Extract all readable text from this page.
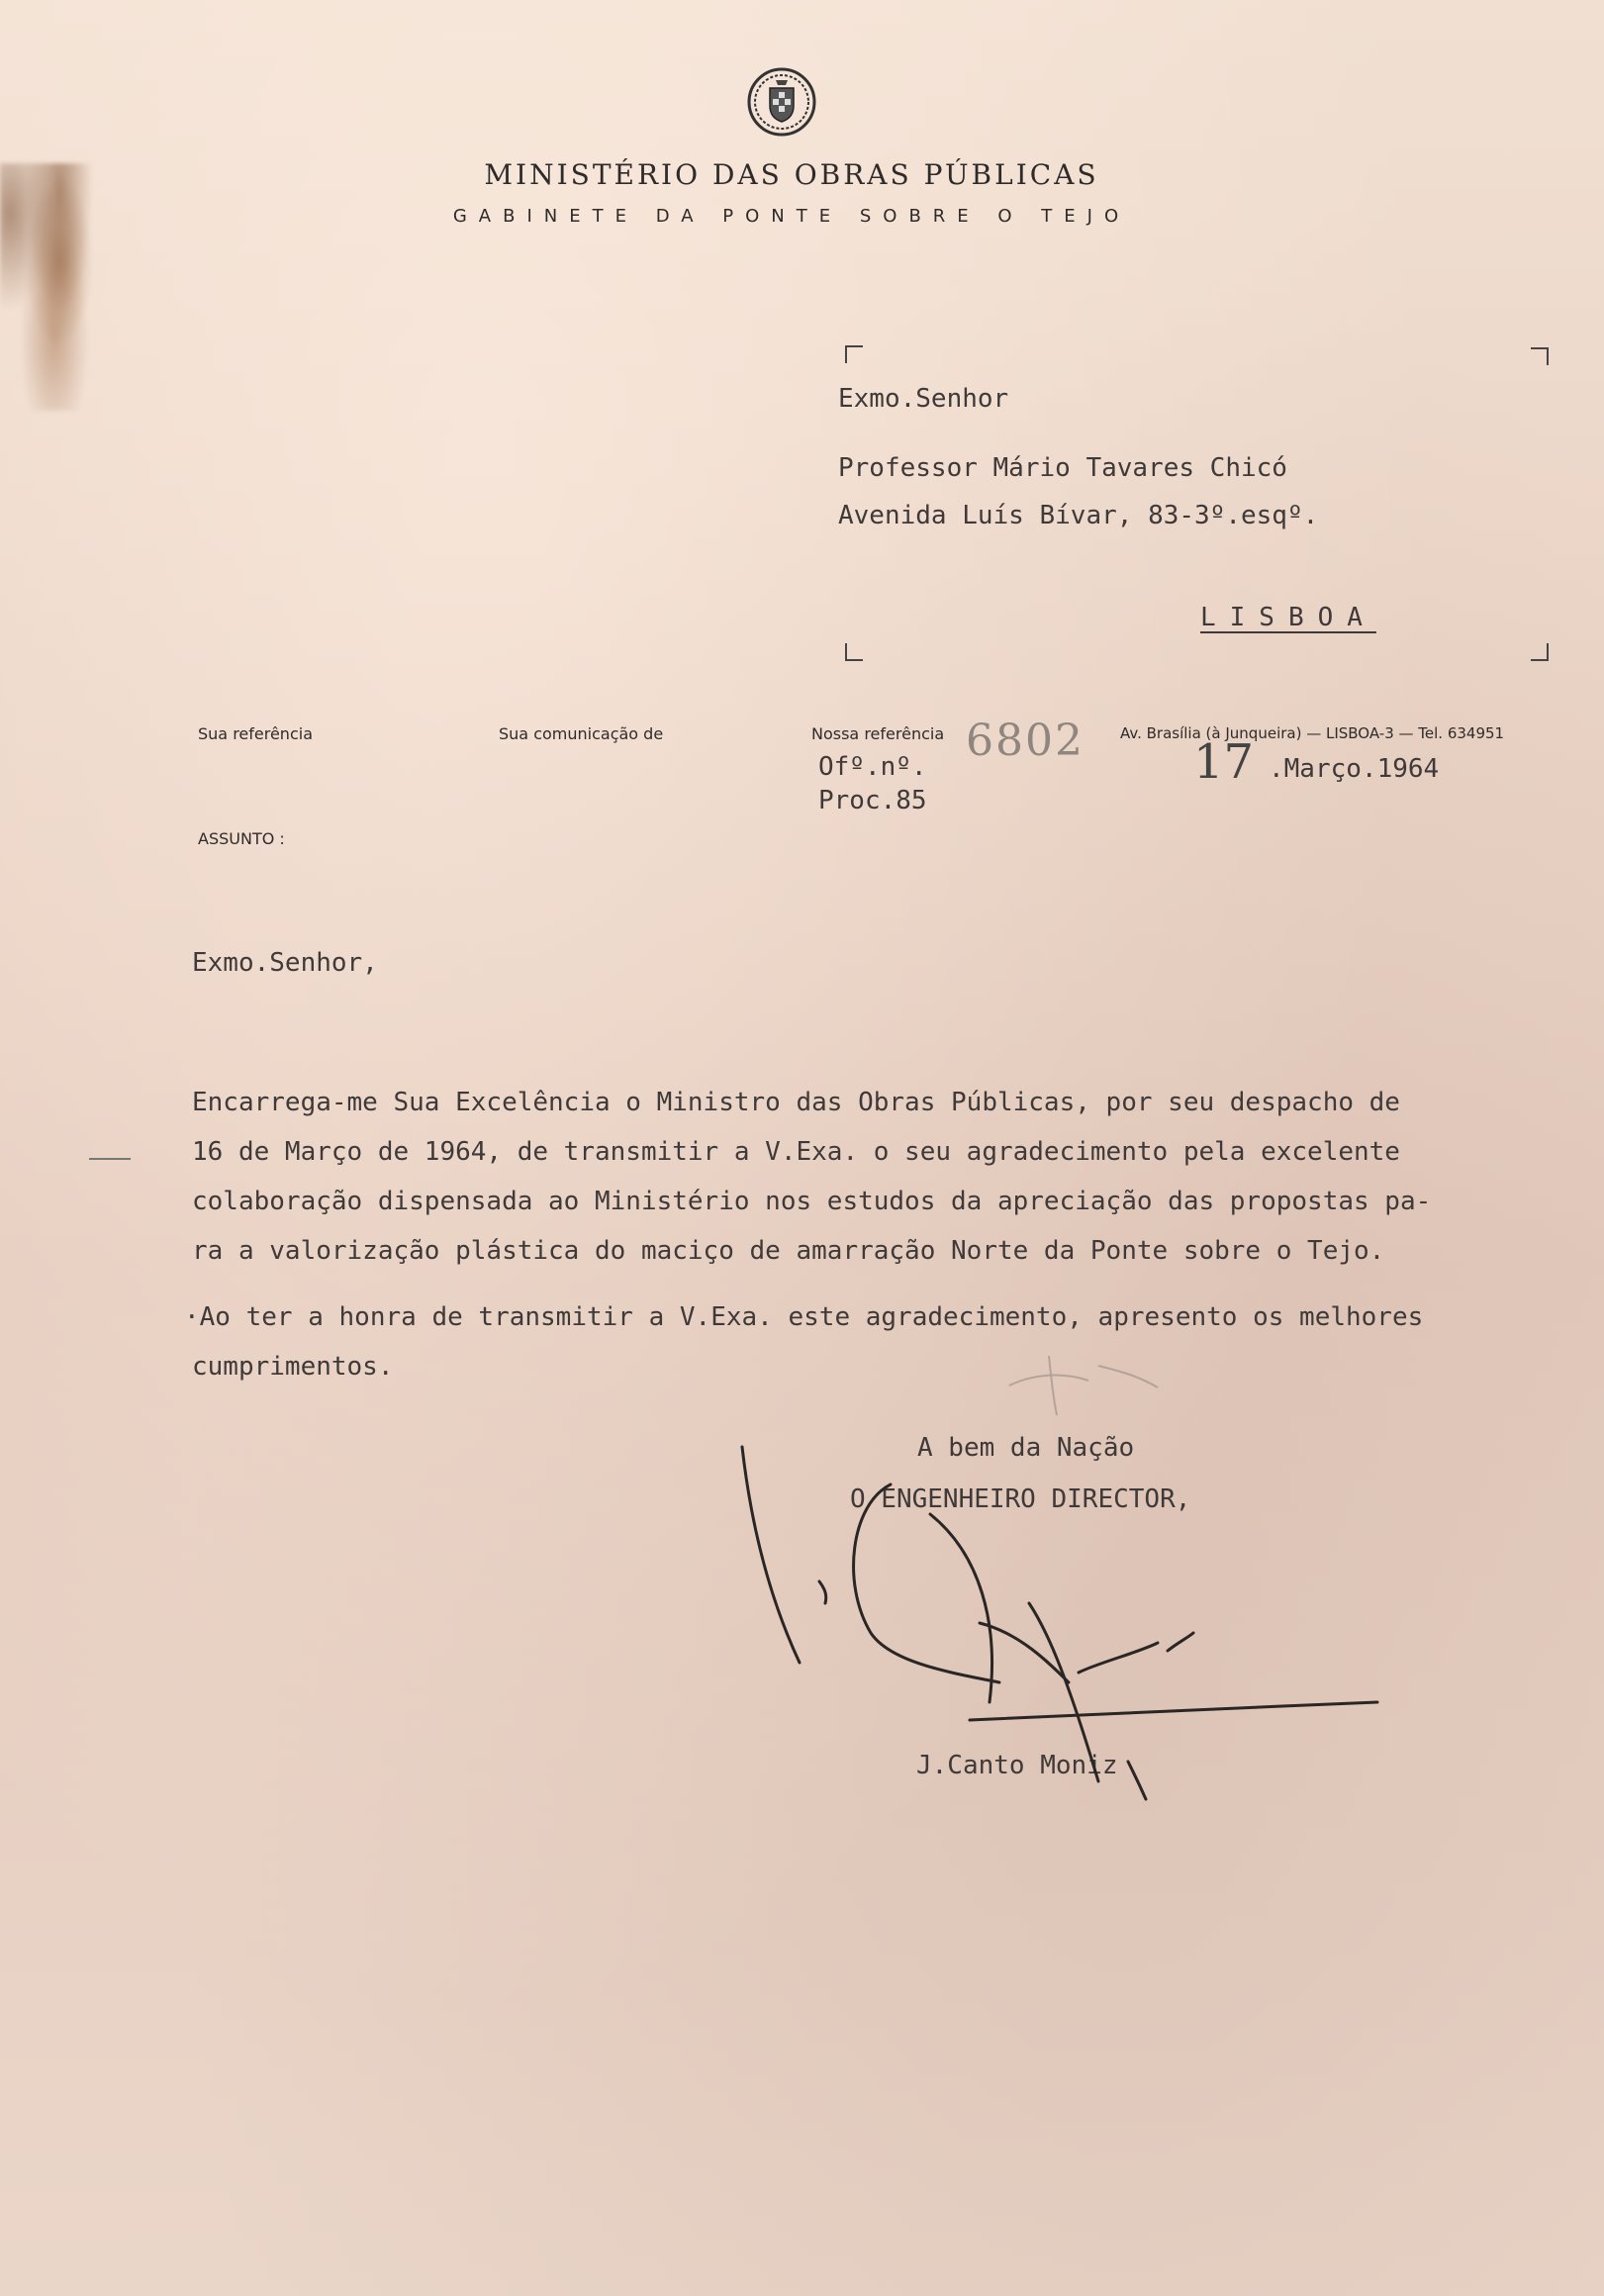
MINISTÉRIO DAS OBRAS PÚBLICAS
GABINETE DA PONTE SOBRE O TEJO
Exmo.Senhor
Professor Mário Tavares Chicó
Avenida Luís Bívar, 83-3º.esqº.
LISBOA
Sua referência	Sua comunicação de	Nossa referência 6802 Av. Brasília (à Junqueira) — LISBOA-3 — Tel. 634951
Ofº.nº.
Proc.85
17 .Março.1964
ASSUNTO :
Exmo.Senhor,
Encarrega-me Sua Excelência o Ministro das Obras Públicas, por seu despacho de
16 de Março de 1964, de transmitir a V.Exa. o seu agradecimento pela excelente
colaboração dispensada ao Ministério nos estudos da apreciação das propostas pa-
ra a valorização plástica do maciço de amarração Norte da Ponte sobre o Tejo.
·Ao ter a honra de transmitir a V.Exa. este agradecimento, apresento os melhores
cumprimentos.
A bem da Nação
O ENGENHEIRO DIRECTOR,
J.Canto Moniz
